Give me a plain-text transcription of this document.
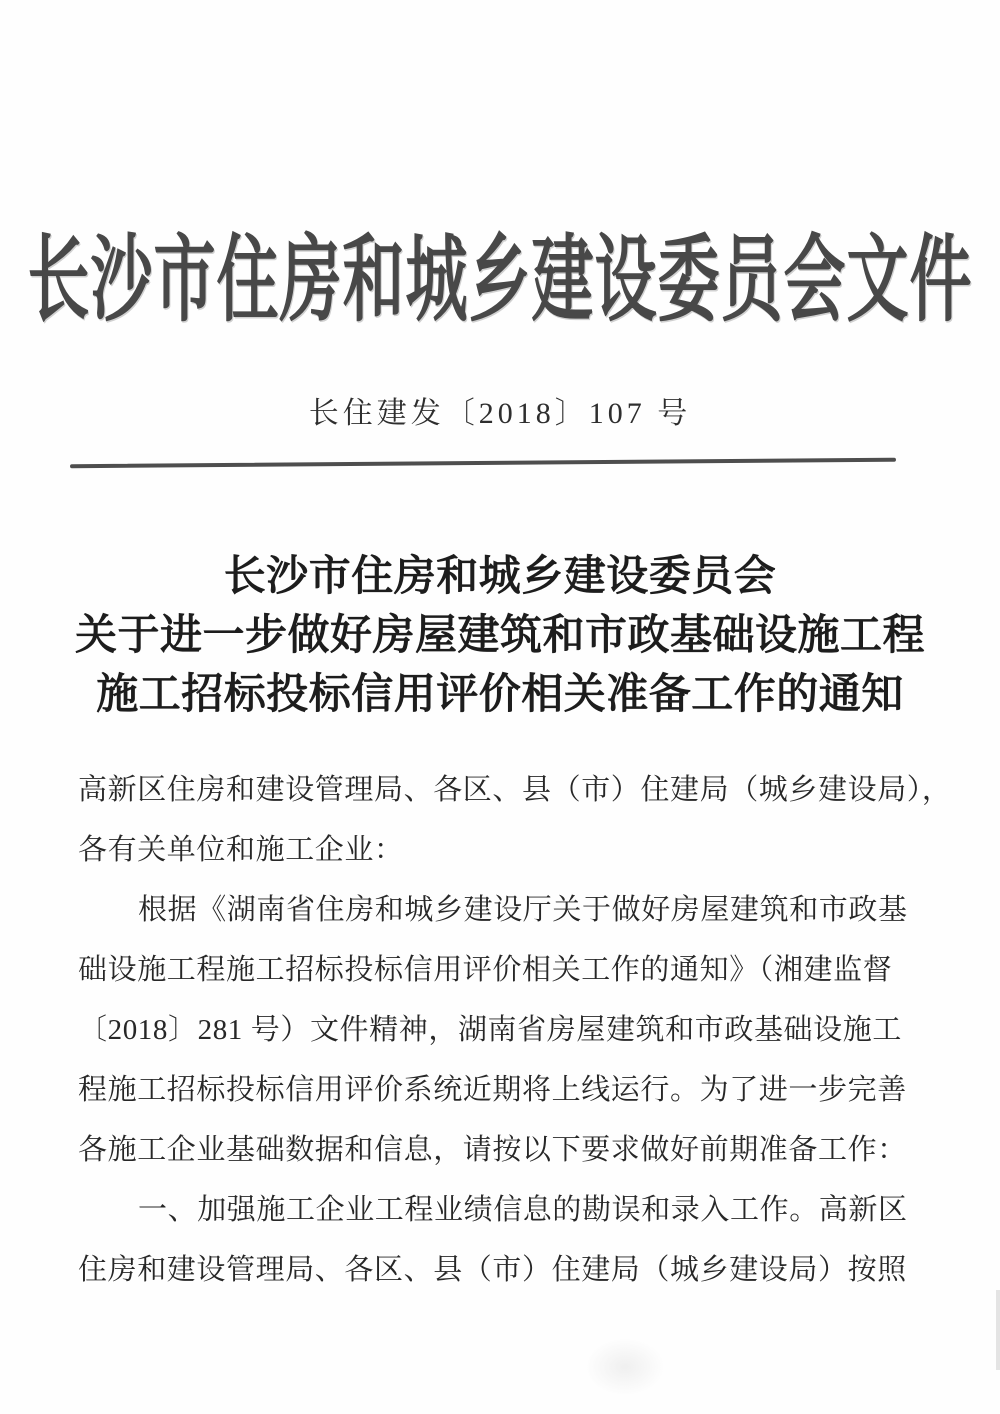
长沙市住房和城乡建设委员会文件
长住建发〔2018〕107 号
长沙市住房和城乡建设委员会
关于进一步做好房屋建筑和市政基础设施工程
施工招标投标信用评价相关准备工作的通知
高新区住房和建设管理局、各区、县（市）住建局（城乡建设局），
各有关单位和施工企业：
根据《湖南省住房和城乡建设厅关于做好房屋建筑和市政基
础设施工程施工招标投标信用评价相关工作的通知》（湘建监督
〔2018〕281 号）文件精神，湖南省房屋建筑和市政基础设施工
程施工招标投标信用评价系统近期将上线运行。为了进一步完善
各施工企业基础数据和信息，请按以下要求做好前期准备工作：
一、加强施工企业工程业绩信息的勘误和录入工作。高新区
住房和建设管理局、各区、县（市）住建局（城乡建设局）按照
